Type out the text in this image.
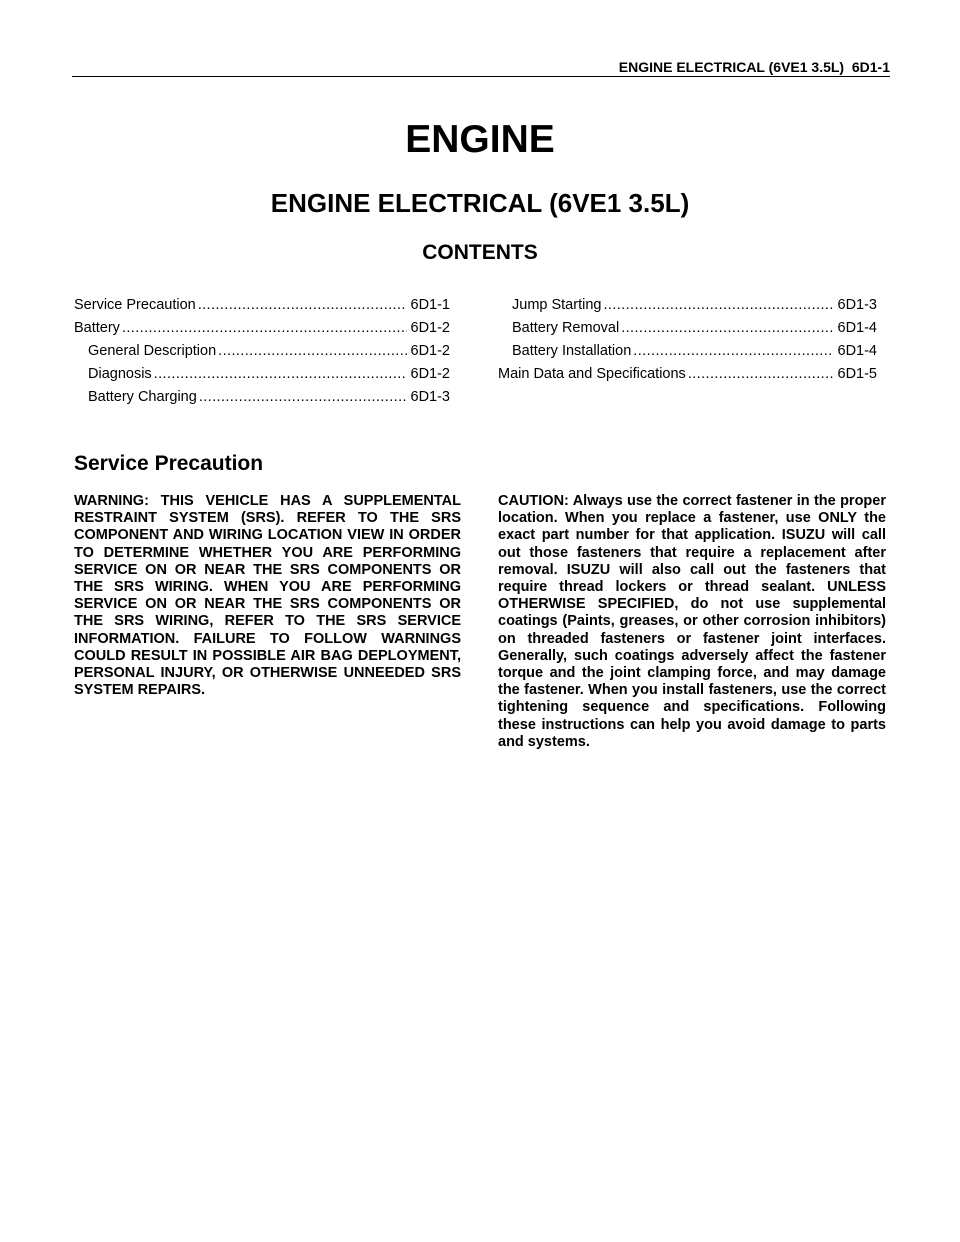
ENGINE ELECTRICAL (6VE1 3.5L)  6D1-1
ENGINE
ENGINE ELECTRICAL (6VE1 3.5L)
CONTENTS
Service Precaution .....	6D1-1
Battery .....	6D1-2
General Description .....	6D1-2
Diagnosis .....	6D1-2
Battery Charging .....	6D1-3
Jump Starting .....	6D1-3
Battery Removal .....	6D1-4
Battery Installation .....	6D1-4
Main Data and Specifications .....	6D1-5
Service Precaution
WARNING: THIS VEHICLE HAS A SUPPLEMENTAL RESTRAINT SYSTEM (SRS). REFER TO THE SRS COMPONENT AND WIRING LOCATION VIEW IN ORDER TO DETERMINE WHETHER YOU ARE PERFORMING SERVICE ON OR NEAR THE SRS COMPONENTS OR THE SRS WIRING. WHEN YOU ARE PERFORMING SERVICE ON OR NEAR THE SRS COMPONENTS OR THE SRS WIRING, REFER TO THE SRS SERVICE INFORMATION. FAILURE TO FOLLOW WARNINGS COULD RESULT IN POSSIBLE AIR BAG DEPLOYMENT, PERSONAL INJURY, OR OTHERWISE UNNEEDED SRS SYSTEM REPAIRS.
CAUTION: Always use the correct fastener in the proper location. When you replace a fastener, use ONLY the exact part number for that application. ISUZU will call out those fasteners that require a replacement after removal. ISUZU will also call out the fasteners that require thread lockers or thread sealant. UNLESS OTHERWISE SPECIFIED, do not use supplemental coatings (Paints, greases, or other corrosion inhibitors) on threaded fasteners or fastener joint interfaces. Generally, such coatings adversely affect the fastener torque and the joint clamping force, and may damage the fastener. When you install fasteners, use the correct tightening sequence and specifications. Following these instructions can help you avoid damage to parts and systems.
